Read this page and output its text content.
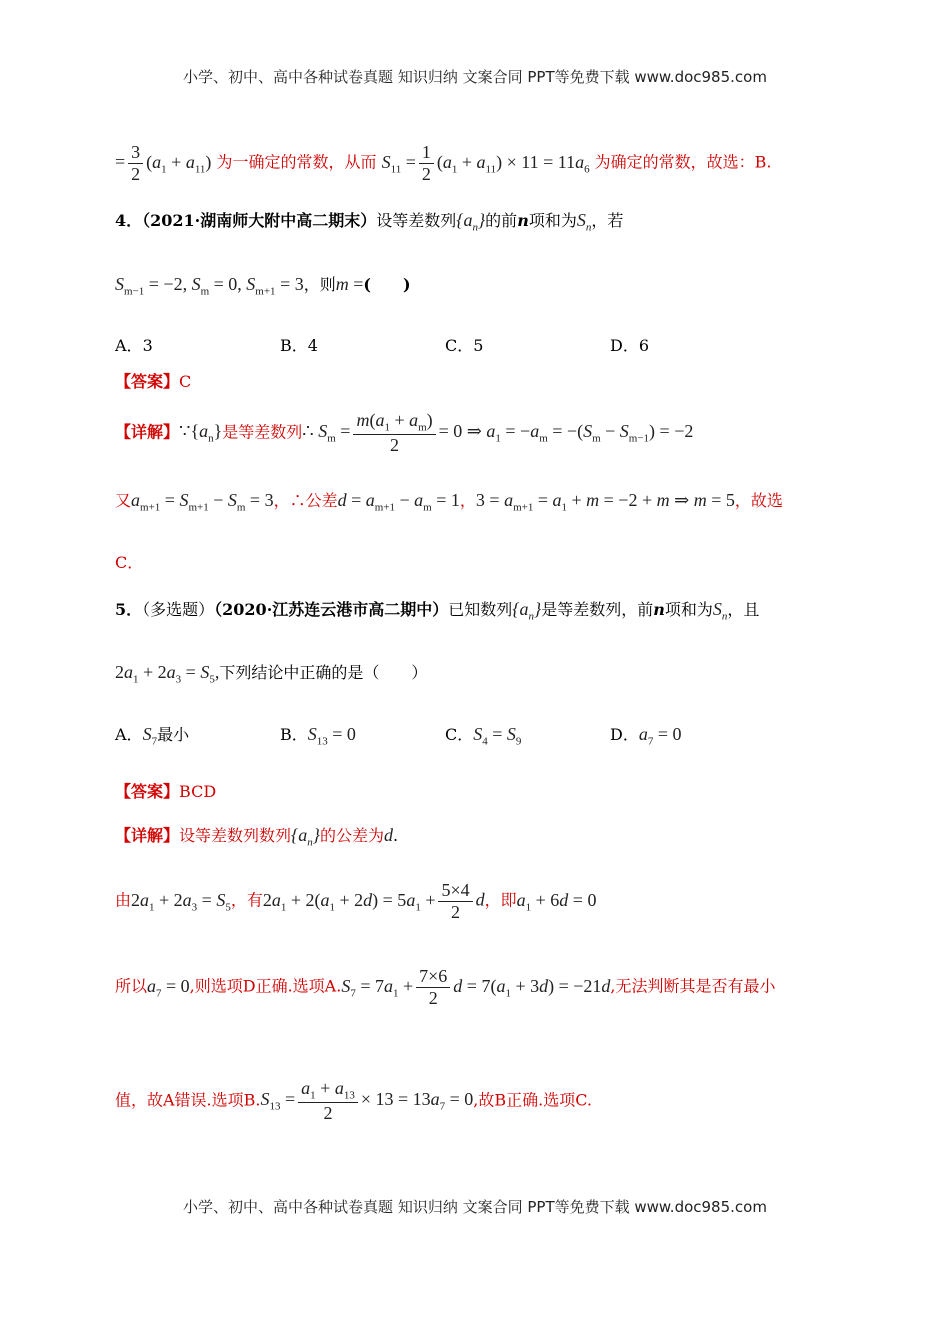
小学、初中、高中各种试卷真题 知识归纳 文案合同 PPT等免费下载 www.doc985.com
= $\frac{3}{2} (a_1 + a_{11})$ 为一确定的常数，从而 $S_{11} = \frac{1}{2} (a_1 + a_{11}) \times 11 = 11a_6$ 为确定的常数，故选：B.
4．（2021·湖南师大附中高二期末）设等差数列$\{a_n\}$的前n项和为$S_n$，若
$S_{m-1} = -2$, $S_m = 0$, $S_{m+1} = 3$，则m =(　　)
A．3	B．4	C．5	D．6
【答案】C
【详解】$\because\{a_n\}$是等差数列∴ $S_m = \frac{m(a_1 + a_m)}{2} = 0$ ⇒ $a_1 = -a_m = -(S_m - S_{m-1}) = -2$
又$a_{m+1} = S_{m+1} - S_m = 3$，∴公差$d = a_{m+1} - a_m = 1$，$3 = a_{m+1} = a_1 + m = -2 + m$ ⇒ m = 5，故选
C．
5．（多选题）（2020·江苏连云港市高二期中）已知数列$\{a_n\}$是等差数列，前n项和为$S_n$，且
$2a_1 + 2a_3 = S_5$,下列结论中正确的是（　　）
A．$S_7$最小	B．$S_{13} = 0$	C．$S_4 = S_9$	D．$a_7 = 0$
【答案】BCD
【详解】设等差数列数列$\{a_n\}$的公差为d.
由$2a_1 + 2a_3 = S_5$，有$2a_1 + 2(a_1 + 2d) = 5a_1 + \frac{5\times 4}{2}$ d，即$a_1 + 6d = 0$
所以$a_7 = 0$,则选项D正确.选项$A.S_7 = 7a_1 + \frac{7\times 6}{2}$ $d = 7(a_1 + 3d) = -21d$,无法判断其是否有最小
值，故A错误.选项$B.S_{13} = \frac{a_1 + a_{13}}{2} \times 13 = 13a_7 = 0$,故B正确.选项C.
小学、初中、高中各种试卷真题 知识归纳 文案合同 PPT等免费下载 www.doc985.com
